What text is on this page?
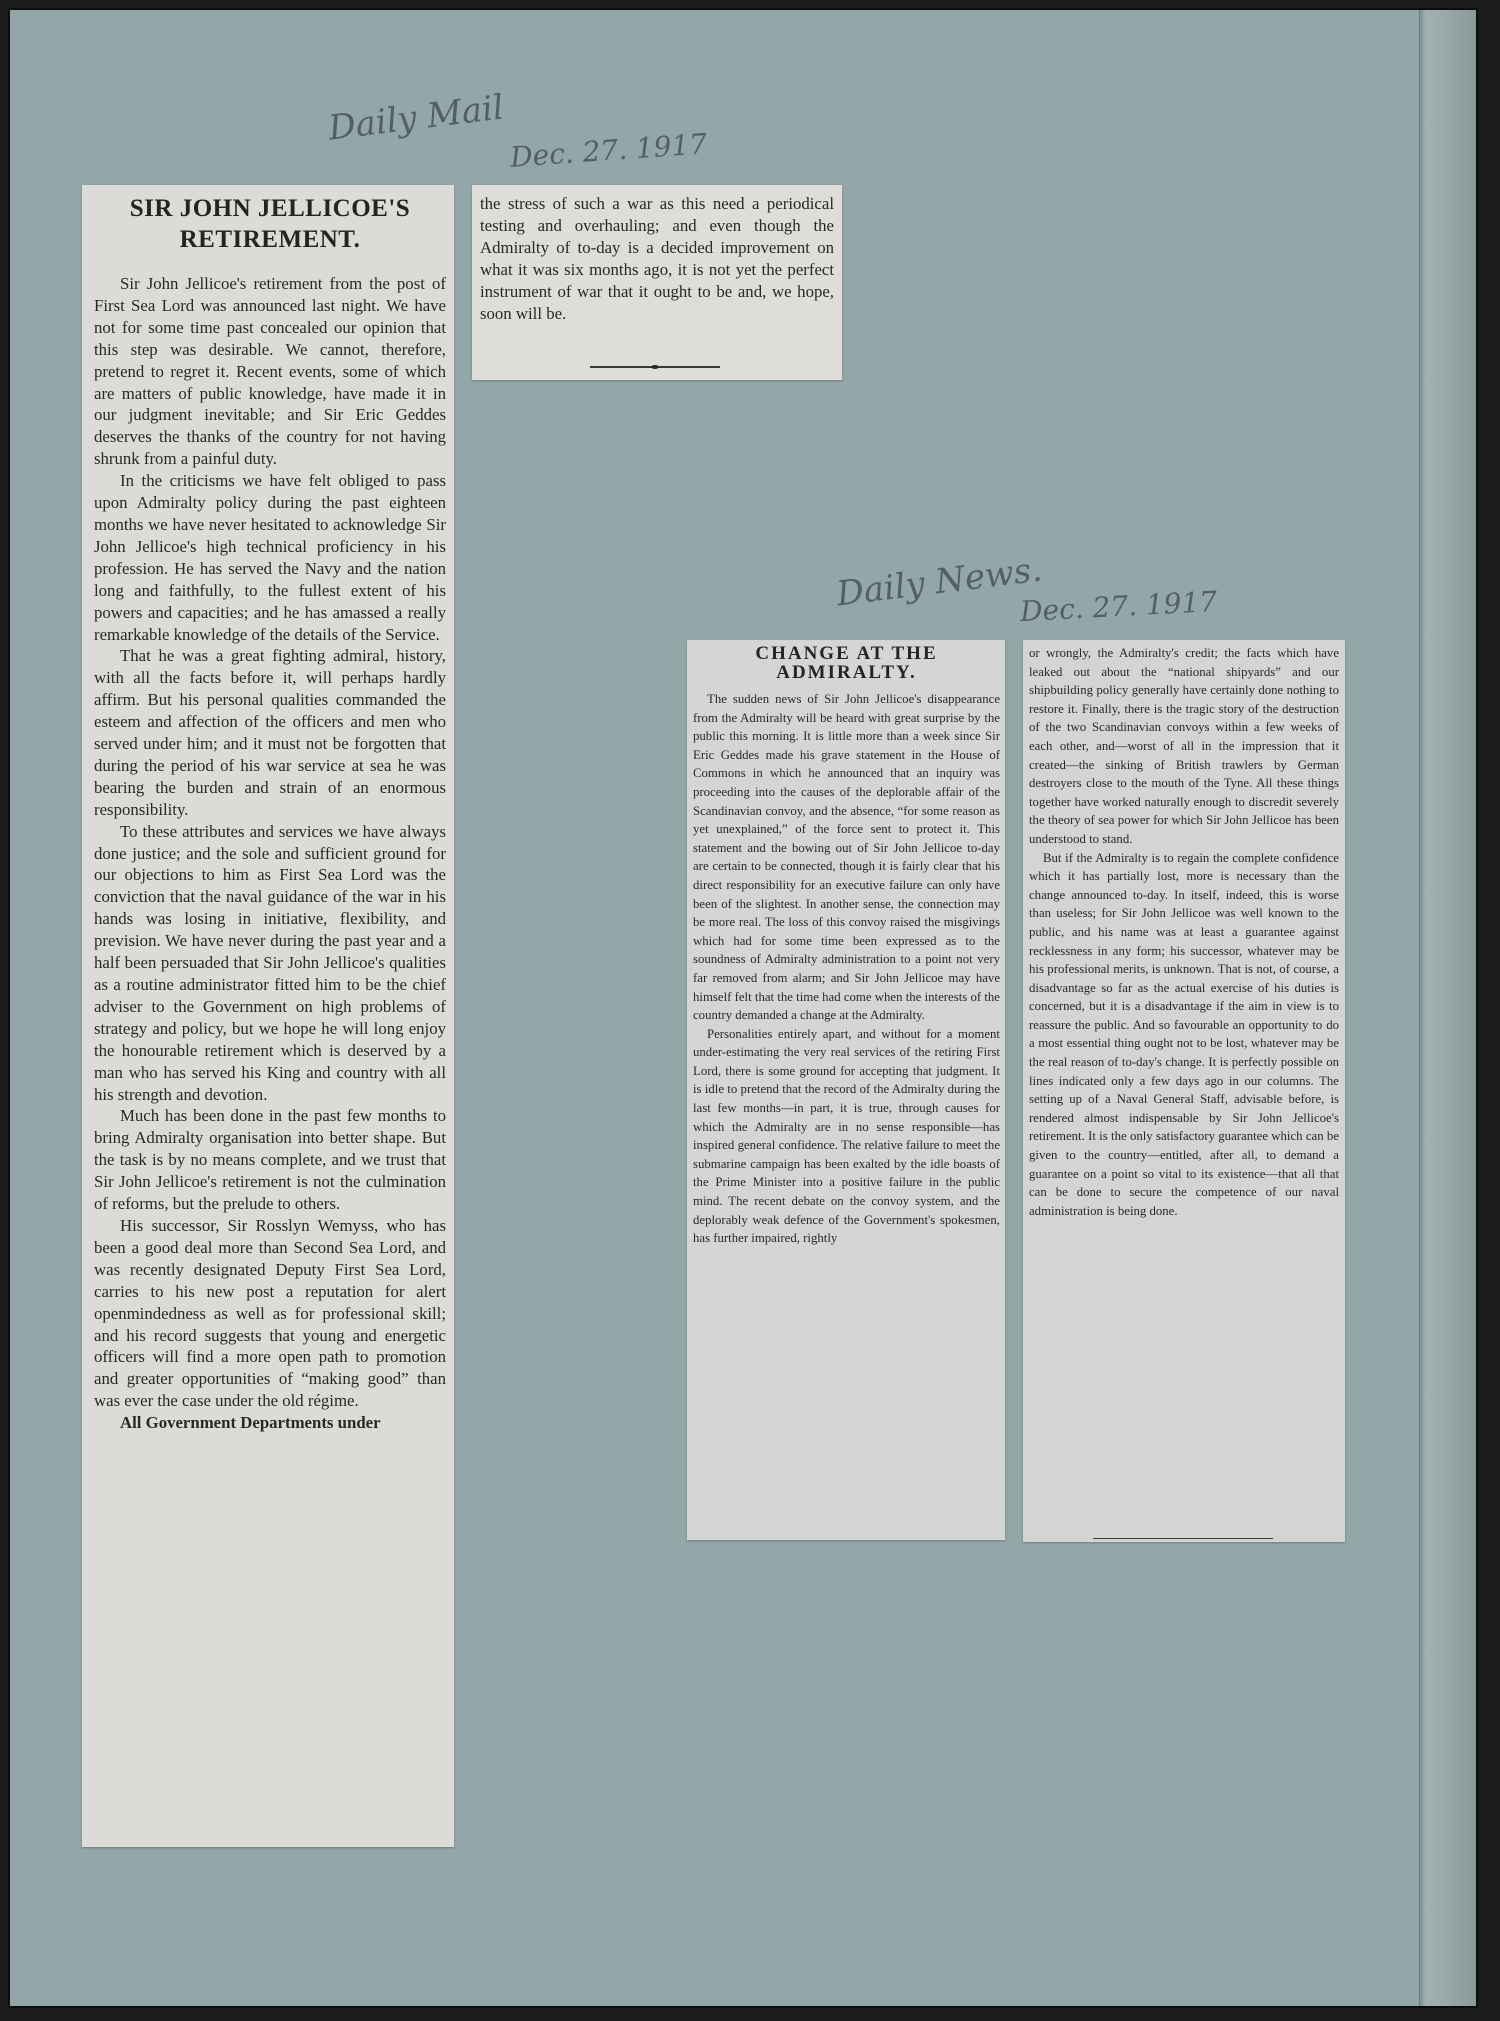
Daily Mail

Dec. 27. 1917

Daily News.

Dec. 27. 1917

SIR JOHN JELLICOE'S
RETIREMENT.

Sir John Jellicoe's retirement from the post of First Sea Lord was announced last night. We have not for some time past concealed our opinion that this step was desirable. We cannot, therefore, pretend to regret it. Recent events, some of which are matters of public knowledge, have made it in our judgment inevitable; and Sir Eric Geddes deserves the thanks of the country for not having shrunk from a painful duty.

In the criticisms we have felt obliged to pass upon Admiralty policy during the past eighteen months we have never hesitated to acknowledge Sir John Jellicoe's high technical proficiency in his profession. He has served the Navy and the nation long and faithfully, to the fullest extent of his powers and capacities; and he has amassed a really remarkable knowledge of the details of the Service.

That he was a great fighting admiral, history, with all the facts before it, will perhaps hardly affirm. But his personal qualities commanded the esteem and affection of the officers and men who served under him; and it must not be forgotten that during the period of his war service at sea he was bearing the burden and strain of an enormous responsibility.

To these attributes and services we have always done justice; and the sole and sufficient ground for our objections to him as First Sea Lord was the conviction that the naval guidance of the war in his hands was losing in initiative, flexibility, and prevision. We have never during the past year and a half been persuaded that Sir John Jellicoe's qualities as a routine administrator fitted him to be the chief adviser to the Government on high problems of strategy and policy, but we hope he will long enjoy the honourable retirement which is deserved by a man who has served his King and country with all his strength and devotion.

Much has been done in the past few months to bring Admiralty organisation into better shape. But the task is by no means complete, and we trust that Sir John Jellicoe's retirement is not the culmination of reforms, but the prelude to others.

His successor, Sir Rosslyn Wemyss, who has been a good deal more than Second Sea Lord, and was recently designated Deputy First Sea Lord, carries to his new post a reputation for alert openmindedness as well as for professional skill; and his record suggests that young and energetic officers will find a more open path to promotion and greater opportunities of “making good” than was ever the case under the old régime.

All Government Departments under

the stress of such a war as this need a periodical testing and overhauling; and even though the Admiralty of to-day is a decided improvement on what it was six months ago, it is not yet the perfect instrument of war that it ought to be and, we hope, soon will be.

CHANGE AT THE
ADMIRALTY.

The sudden news of Sir John Jellicoe's disappearance from the Admiralty will be heard with great surprise by the public this morning. It is little more than a week since Sir Eric Geddes made his grave statement in the House of Commons in which he announced that an inquiry was proceeding into the causes of the deplorable affair of the Scandinavian convoy, and the absence, “for some reason as yet unexplained,” of the force sent to protect it. This statement and the bowing out of Sir John Jellicoe to-day are certain to be connected, though it is fairly clear that his direct responsibility for an executive failure can only have been of the slightest. In another sense, the connection may be more real. The loss of this convoy raised the misgivings which had for some time been expressed as to the soundness of Admiralty administration to a point not very far removed from alarm; and Sir John Jellicoe may have himself felt that the time had come when the interests of the country demanded a change at the Admiralty.

Personalities entirely apart, and without for a moment under-estimating the very real services of the retiring First Lord, there is some ground for accepting that judgment. It is idle to pretend that the record of the Admiralty during the last few months—in part, it is true, through causes for which the Admiralty are in no sense responsible—has inspired general confidence. The relative failure to meet the submarine campaign has been exalted by the idle boasts of the Prime Minister into a positive failure in the public mind. The recent debate on the convoy system, and the deplorably weak defence of the Government's spokesmen, has further impaired, rightly

or wrongly, the Admiralty's credit; the facts which have leaked out about the “national shipyards” and our shipbuilding policy generally have certainly done nothing to restore it. Finally, there is the tragic story of the destruction of the two Scandinavian convoys within a few weeks of each other, and—worst of all in the impression that it created—the sinking of British trawlers by German destroyers close to the mouth of the Tyne. All these things together have worked naturally enough to discredit severely the theory of sea power for which Sir John Jellicoe has been understood to stand.

But if the Admiralty is to regain the complete confidence which it has partially lost, more is necessary than the change announced to-day. In itself, indeed, this is worse than useless; for Sir John Jellicoe was well known to the public, and his name was at least a guarantee against recklessness in any form; his successor, whatever may be his professional merits, is unknown. That is not, of course, a disadvantage so far as the actual exercise of his duties is concerned, but it is a disadvantage if the aim in view is to reassure the public. And so favourable an opportunity to do a most essential thing ought not to be lost, whatever may be the real reason of to-day's change. It is perfectly possible on lines indicated only a few days ago in our columns. The setting up of a Naval General Staff, advisable before, is rendered almost indispensable by Sir John Jellicoe's retirement. It is the only satisfactory guarantee which can be given to the country—entitled, after all, to demand a guarantee on a point so vital to its existence—that all that can be done to secure the competence of our naval administration is being done.
